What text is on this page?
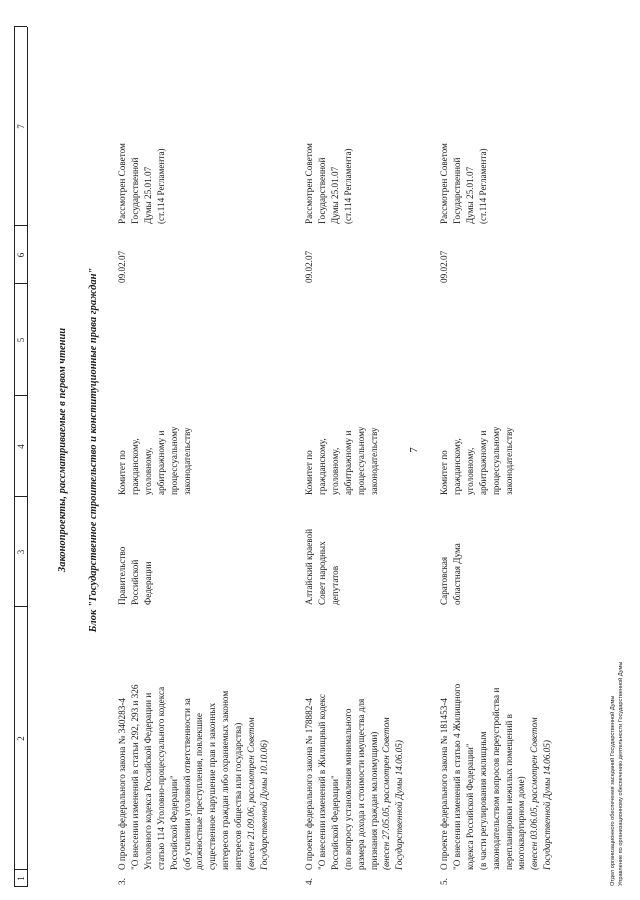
7
1
2
3
4
5
6
7
Законопроекты, рассматриваемые в первом чтении Блок "Государственное строительство и конституционные права граждан"
3.
О проекте федерального закона № 340283-4
"О внесении изменений в статьи 292, 293 и 326
Уголовного кодекса Российской Федерации и
статью 114 Уголовно-процессуального кодекса
Российской Федерации"
(об усилении уголовной ответственности за
должностные преступления, повлекшие
существенное нарушение прав и законных
интересов граждан либо охраняемых законом
интересов общества или государства)
(внесен 21.09.06, рассмотрен Советом
Государственной Думы 10.10.06)
Правительство
Российской
Федерации
Комитет по
гражданскому,
уголовному,
арбитражному и
процессуальному
законодательству
09.02.07
Рассмотрен Советом
Государственной
Думы 25.01.07
(ст.114 Регламента)
4.
О проекте федерального закона № 178882-4
"О внесении изменений в Жилищный кодекс
Российской Федерации"
(по вопросу установления минимального
размера дохода и стоимости имущества для
признания граждан малоимущими)
(внесен 27.05.05, рассмотрен Советом
Государственной Думы 14.06.05)
Алтайский краевой
Совет народных
депутатов
Комитет по
гражданскому,
уголовному,
арбитражному и
процессуальному
законодательству
09.02.07
Рассмотрен Советом
Государственной
Думы 25.01.07
(ст.114 Регламента)
5.
О проекте федерального закона № 181453-4
"О внесении изменений в статью 4 Жилищного
кодекса Российской Федерации"
(в части регулирования жилищным
законодательством вопросов переустройства и
перепланировки нежилых помещений в
многоквартирном доме)
(внесен 03.06.05, рассмотрен Советом
Государственной Думы 14.06.05)
Саратовская
областная Дума
Комитет по
гражданскому,
уголовному,
арбитражному и
процессуальному
законодательству
09.02.07
Рассмотрен Советом
Государственной
Думы 25.01.07
(ст.114 Регламента)
Отдел организационного обеспечения заседаний Государственной Думы Управление по организационному обеспечению деятельности Государственной Думы
